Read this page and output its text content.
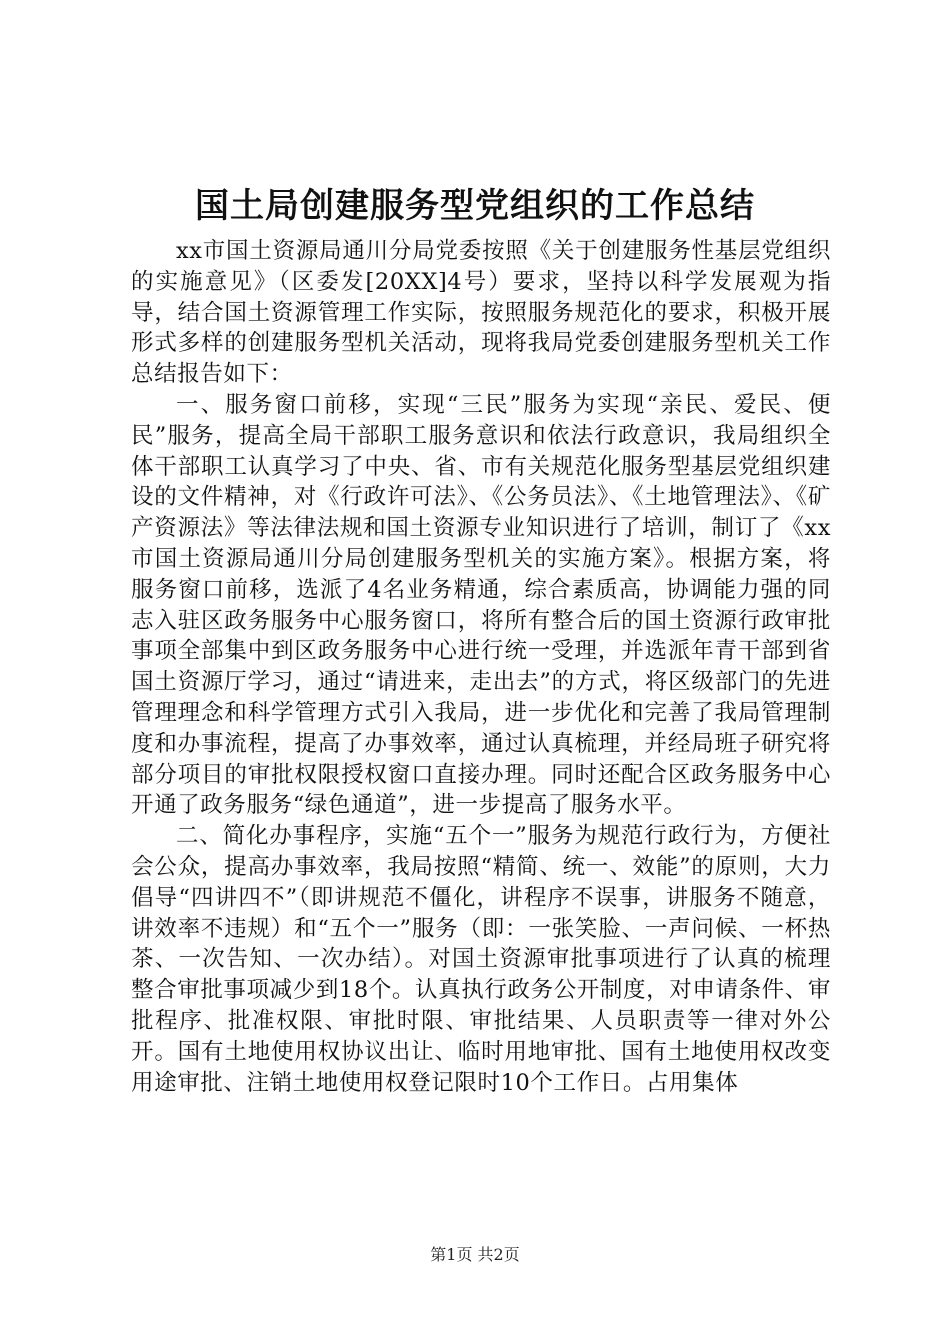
国土局创建服务型党组织的工作总结

xx市国土资源局通川分局党委按照《关于创建服务性基层党组织的实施意见》（区委发[20XX]4号）要求，坚持以科学发展观为指导，结合国土资源管理工作实际，按照服务规范化的要求，积极开展形式多样的创建服务型机关活动，现将我局党委创建服务型机关工作总结报告如下：

一、服务窗口前移，实现“三民”服务为实现“亲民、爱民、便民”服务，提高全局干部职工服务意识和依法行政意识，我局组织全体干部职工认真学习了中央、省、市有关规范化服务型基层党组织建设的文件精神，对《行政许可法》、《公务员法》、《土地管理法》、《矿产资源法》等法律法规和国土资源专业知识进行了培训，制订了《xx市国土资源局通川分局创建服务型机关的实施方案》。根据方案，将服务窗口前移，选派了4名业务精通，综合素质高，协调能力强的同志入驻区政务服务中心服务窗口，将所有整合后的国土资源行政审批事项全部集中到区政务服务中心进行统一受理，并选派年青干部到省国土资源厅学习，通过“请进来，走出去”的方式，将区级部门的先进管理理念和科学管理方式引入我局，进一步优化和完善了我局管理制度和办事流程，提高了办事效率，通过认真梳理，并经局班子研究将部分项目的审批权限授权窗口直接办理。同时还配合区政务服务中心开通了政务服务“绿色通道”，进一步提高了服务水平。

二、简化办事程序，实施“五个一”服务为规范行政行为，方便社会公众，提高办事效率，我局按照“精简、统一、效能”的原则，大力倡导“四讲四不”（即讲规范不僵化，讲程序不误事，讲服务不随意，讲效率不违规）和“五个一”服务（即：一张笑脸、一声问候、一杯热茶、一次告知、一次办结）。对国土资源审批事项进行了认真的梳理整合审批事项减少到18个。认真执行政务公开制度，对申请条件、审批程序、批准权限、审批时限、审批结果、人员职责等一律对外公开。国有土地使用权协议出让、临时用地审批、国有土地使用权改变用途审批、注销土地使用权登记限时10个工作日。占用集体

第1页 共2页
